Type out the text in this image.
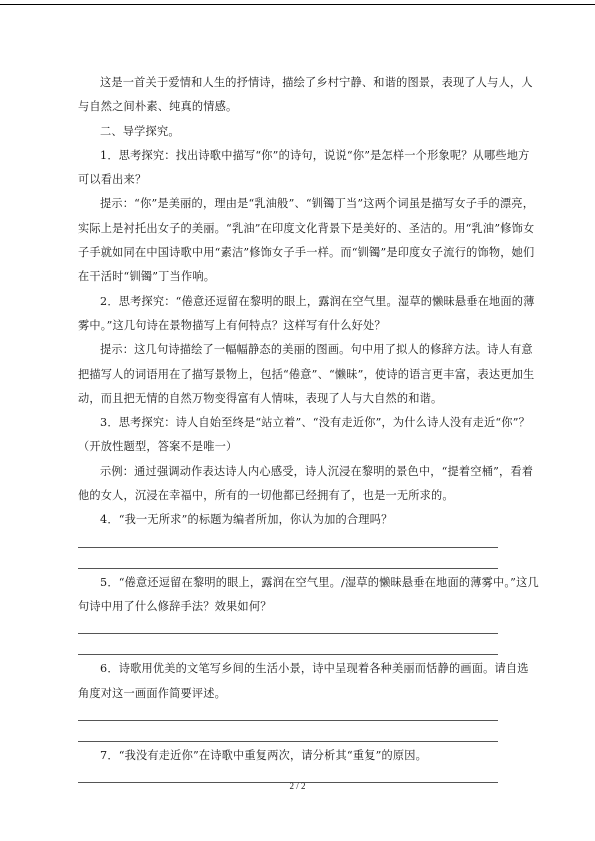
这是一首关于爱情和人生的抒情诗，描绘了乡村宁静、和谐的图景，表现了人与人，人与自然之间朴素、纯真的情感。

二、导学探究。

1．思考探究：找出诗歌中描写“你”的诗句，说说“你”是怎样一个形象呢？从哪些地方可以看出来？

提示：“你”是美丽的，理由是“乳油般”、“钏镯丁当”这两个词虽是描写女子手的漂亮，实际上是衬托出女子的美丽。“乳油”在印度文化背景下是美好的、圣洁的。用“乳油”修饰女子手就如同在中国诗歌中用“素洁”修饰女子手一样。而“钏镯”是印度女子流行的饰物，她们在干活时“钏镯”丁当作响。

2．思考探究：“倦意还逗留在黎明的眼上，露润在空气里。湿草的懒昧悬垂在地面的薄雾中。”这几句诗在景物描写上有何特点？这样写有什么好处？

提示：这几句诗描绘了一幅幅静态的美丽的图画。句中用了拟人的修辞方法。诗人有意把描写人的词语用在了描写景物上，包括“倦意”、“懒昧”，使诗的语言更丰富，表达更加生动，而且把无情的自然万物变得富有人情味，表现了人与大自然的和谐。

3．思考探究：诗人自始至终是“站立着”、“没有走近你”，为什么诗人没有走近“你”？（开放性题型，答案不是唯一）

示例：通过强调动作表达诗人内心感受，诗人沉浸在黎明的景色中，“提着空桶”，看着他的女人，沉浸在幸福中，所有的一切他都已经拥有了，也是一无所求的。

4．“我一无所求”的标题为编者所加，你认为加的合理吗？

5．“倦意还逗留在黎明的眼上，露润在空气里。/湿草的懒昧悬垂在地面的薄雾中。”这几句诗中用了什么修辞手法？效果如何？

6．诗歌用优美的文笔写乡间的生活小景，诗中呈现着各种美丽而恬静的画面。请自选角度对这一画面作简要评述。

7．“我没有走近你”在诗歌中重复两次，请分析其“重复”的原因。

2 / 2
